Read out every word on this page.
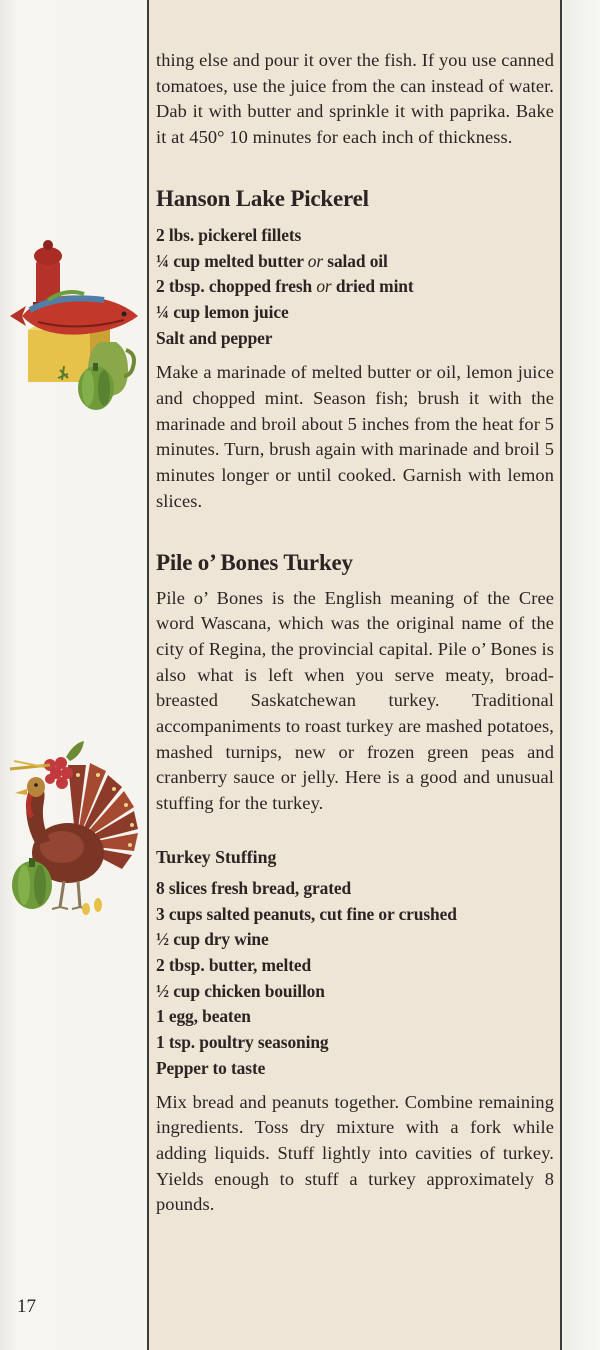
thing else and pour it over the fish. If you use canned tomatoes, use the juice from the can instead of water. Dab it with butter and sprinkle it with paprika. Bake it at 450° 10 minutes for each inch of thickness.

Hanson Lake Pickerel

2 lbs. pickerel fillets

¼ cup melted butter or salad oil

2 tbsp. chopped fresh or dried mint

¼ cup lemon juice

Salt and pepper

Make a marinade of melted butter or oil, lemon juice and chopped mint. Season fish; brush it with the marinade and broil about 5 inches from the heat for 5 minutes. Turn, brush again with marinade and broil 5 minutes longer or until cooked. Garnish with lemon slices.

Pile o’ Bones Turkey

Pile o’ Bones is the English meaning of the Cree word Wascana, which was the original name of the city of Regina, the provincial capital. Pile o’ Bones is also what is left when you serve meaty, broad-breasted Saskatchewan turkey. Traditional accompaniments to roast turkey are mashed potatoes, mashed turnips, new or frozen green peas and cranberry sauce or jelly. Here is a good and unusual stuffing for the turkey.

Turkey Stuffing

8 slices fresh bread, grated

3 cups salted peanuts, cut fine or crushed

½ cup dry wine

2 tbsp. butter, melted

½ cup chicken bouillon

1 egg, beaten

1 tsp. poultry seasoning

Pepper to taste

Mix bread and peanuts together. Combine remaining ingredients. Toss dry mixture with a fork while adding liquids. Stuff lightly into cavities of turkey. Yields enough to stuff a turkey approximately 8 pounds.

17
